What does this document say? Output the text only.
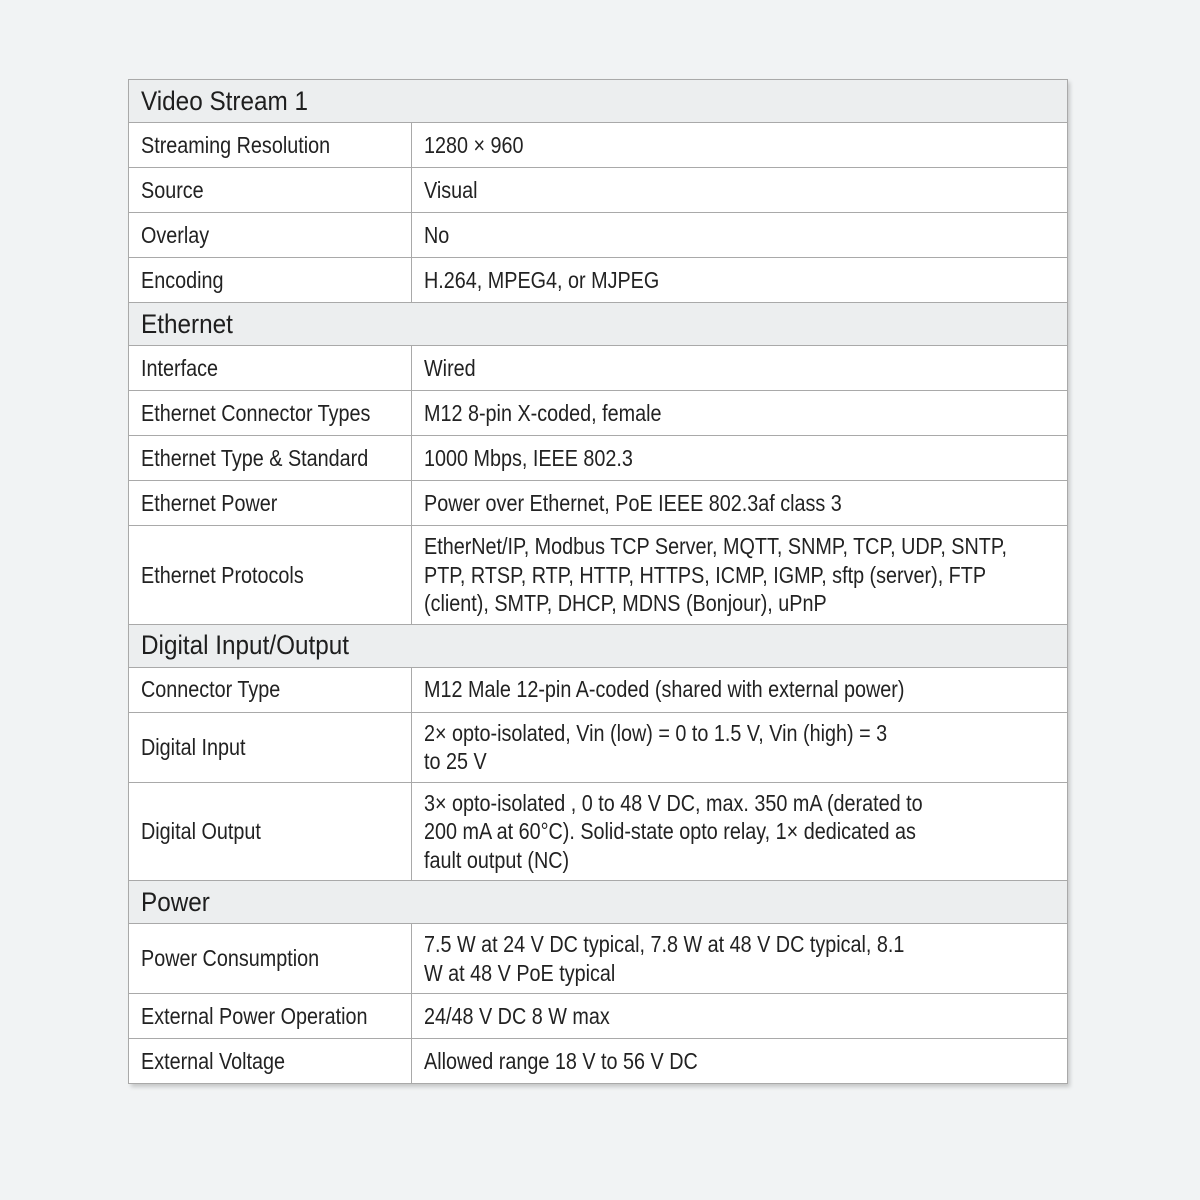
Video Stream 1	
Streaming Resolution	1280 × 960
Source	Visual
Overlay	No
Encoding	H.264, MPEG4, or MJPEG
Ethernet	
Interface	Wired
Ethernet Connector Types	M12 8-pin X-coded, female
Ethernet Type & Standard	1000 Mbps, IEEE 802.3
Ethernet Power	Power over Ethernet, PoE IEEE 802.3af class 3
Ethernet Protocols	EtherNet/IP, Modbus TCP Server, MQTT, SNMP, TCP, UDP, SNTP, PTP, RTSP, RTP, HTTP, HTTPS, ICMP, IGMP, sftp (server), FTP (client), SMTP, DHCP, MDNS (Bonjour), uPnP

Digital Input/Output	
Connector Type	M12 Male 12-pin A-coded (shared with external power)
Digital Input	2× opto-isolated, Vin (low) = 0 to 1.5 V, Vin (high) = 3 to 25 V

Digital Output	3× opto-isolated , 0 to 48 V DC, max. 350 mA (derated to 200 mA at 60°C). Solid-state opto relay, 1× dedicated as fault output (NC)

Power	
Power Consumption	7.5 W at 24 V DC typical, 7.8 W at 48 V DC typical, 8.1 W at 48 V PoE typical

External Power Operation	24/48 V DC 8 W max
External Voltage	Allowed range 18 V to 56 V DC
